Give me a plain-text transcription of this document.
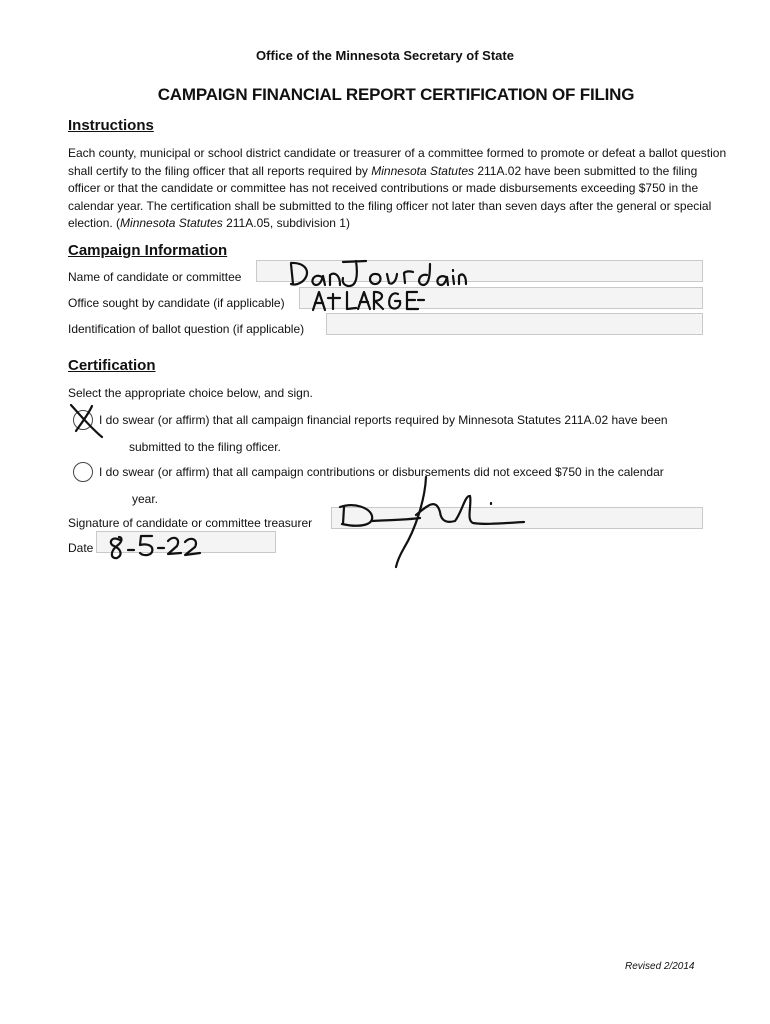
Office of the Minnesota Secretary of State
CAMPAIGN FINANCIAL REPORT CERTIFICATION OF FILING
Instructions
Each county, municipal or school district candidate or treasurer of a committee formed to promote or defeat a ballot question shall certify to the filing officer that all reports required by Minnesota Statutes 211A.02 have been submitted to the filing officer or that the candidate or committee has not received contributions or made disbursements exceeding $750 in the calendar year. The certification shall be submitted to the filing officer not later than seven days after the general or special election. (Minnesota Statutes 211A.05, subdivision 1)
Campaign Information
Name of candidate or committee
Office sought by candidate (if applicable)
Identification of ballot question (if applicable)
Certification
Select the appropriate choice below, and sign.
I do swear (or affirm) that all campaign financial reports required by Minnesota Statutes 211A.02 have been
submitted to the filing officer.
I do swear (or affirm) that all campaign contributions or disbursements did not exceed $750 in the calendar
year.
Signature of candidate or committee treasurer
Date
Revised 2/2014
